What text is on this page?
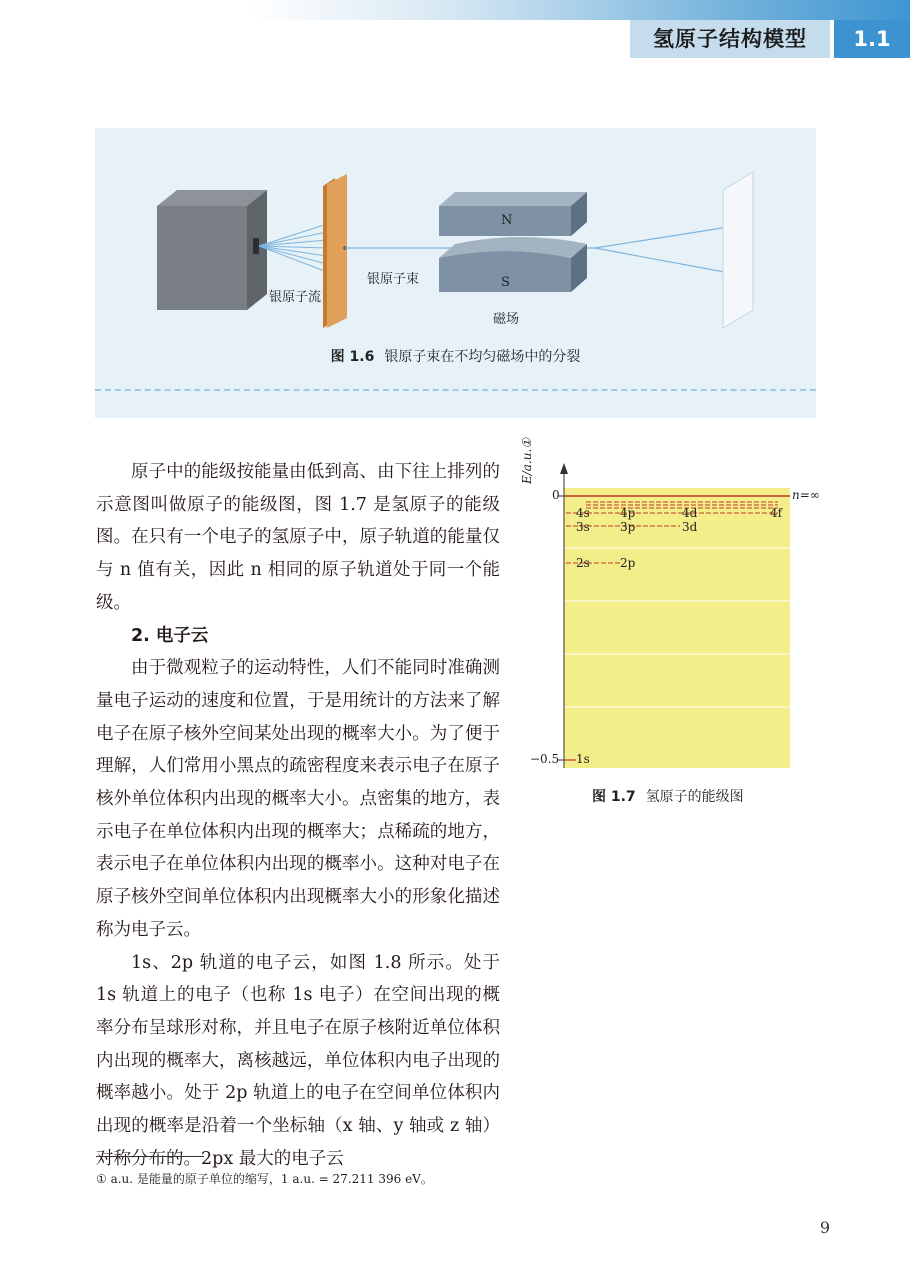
氢原子结构模型	1.1
银原子流
银原子束
N
S
磁场
图 1.6 银原子束在不均匀磁场中的分裂

原子中的能级按能量由低到高、由下往上排列的示意图叫做原子的能级图，图 1.7 是氢原子的能级图。在只有一个电子的氢原子中，原子轨道的能量仅与 n 值有关，因此 n 相同的原子轨道处于同一个能级。

2. 电子云

由于微观粒子的运动特性，人们不能同时准确测量电子运动的速度和位置，于是用统计的方法来了解电子在原子核外空间某处出现的概率大小。为了便于理解，人们常用小黑点的疏密程度来表示电子在原子核外单位体积内出现的概率大小。点密集的地方，表示电子在单位体积内出现的概率大；点稀疏的地方，表示电子在单位体积内出现的概率小。这种对电子在原子核外空间单位体积内出现概率大小的形象化描述称为电子云。

1s、2p 轨道的电子云，如图 1.8 所示。处于 1s 轨道上的电子（也称 1s 电子）在空间出现的概率分布呈球形对称，并且电子在原子核附近单位体积内出现的概率大，离核越远，单位体积内电子出现的概率越小。处于 2p 轨道上的电子在空间单位体积内出现的概率是沿着一个坐标轴（x 轴、y 轴或 z 轴）对称分布的。2px 最大的电子云

E/a.u.①
0
−0.5
n=∞
4s	4p	4d	4f
3s	3p	3d
2s	2p
1s
图 1.7 氢原子的能级图
① a.u. 是能量的原子单位的缩写，1 a.u. = 27.211 396 eV。
9
